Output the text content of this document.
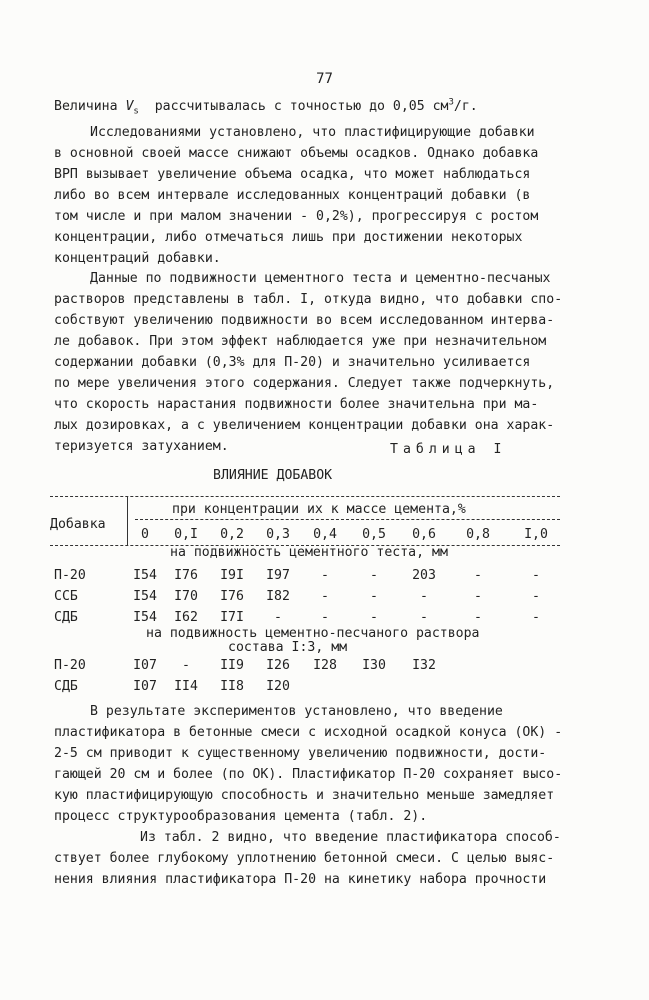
77
Величина $V_s$  рассчитывалась с точностью до 0,05 $см^3/г$.
Исследованиями установлено, что пластифицирующие добавки
в основной своей массе снижают объемы осадков. Однако добавка
ВРП вызывает увеличение объема осадка, что может наблюдаться
либо во всем интервале исследованных концентраций добавки (в
том числе и при малом значении - 0,2%), прогрессируя с ростом
концентрации, либо отмечаться лишь при достижении некоторых
концентраций добавки.
Данные по подвижности цементного теста и цементно-песчаных
растворов представлены в табл. I, откуда видно, что добавки спо-
собствуют увеличению подвижности во всем исследованном интерва-
ле добавок. При этом эффект наблюдается уже при незначительном
содержании добавки (0,3% для П-20) и значительно усиливается
по мере увеличения этого содержания. Следует также подчеркнуть,
что скорость нарастания подвижности более значительна при ма-
лых дозировках, а с увеличением концентрации добавки она харак-
теризуется затуханием.	Таблица I
ВЛИЯНИЕ ДОБАВОК
при концентрации их к массе цемента,%
Добавка
0	0,I	0,2	0,3	0,4	0,5	0,6	0,8	I,0
на подвижность цементного теста, мм
П-20	I54	I76	I9I	I97	-	-	203	-	-
ССБ	I54	I70	I76	I82	-	-	-	-	-
СДБ	I54	I62	I7I	-	-	-	-	-	-
на подвижность цементно-песчаного раствора
состава I:3, мм
П-20	I07	-	II9	I26	I28	I30	I32
СДБ	I07	II4	II8	I20
В результате экспериментов установлено, что введение
пластификатора в бетонные смеси с исходной осадкой конуса (ОК) -
2-5 см приводит к существенному увеличению подвижности, дости-
гающей 20 см и более (по ОК). Пластификатор П-20 сохраняет высо-
кую пластифицирующую способность и значительно меньше замедляет
процесс структурообразования цемента (табл. 2).
Из табл. 2 видно, что введение пластификатора способ-
ствует более глубокому уплотнению бетонной смеси. С целью выяс-
нения влияния пластификатора П-20 на кинетику набора прочности
